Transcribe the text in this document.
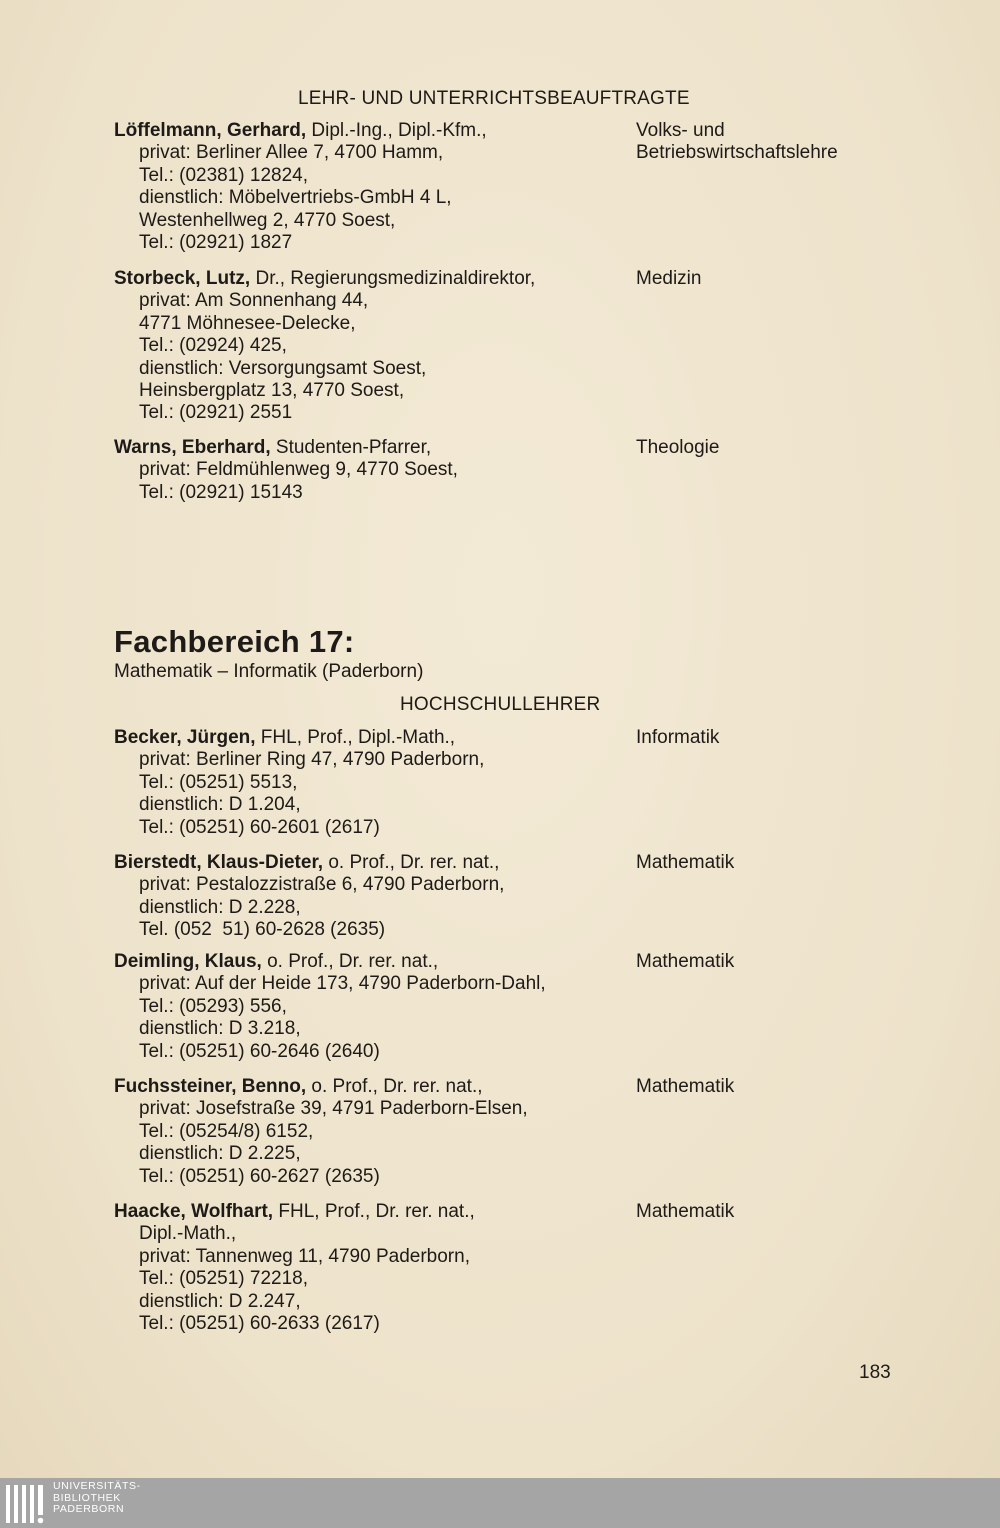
LEHR- UND UNTERRICHTSBEAUFTRAGTE
Löffelmann, Gerhard, Dipl.-Ing., Dipl.-Kfm.,
privat: Berliner Allee 7, 4700 Hamm,
Tel.: (02381) 12824,
dienstlich: Möbelvertriebs-GmbH 4 L,
Westenhellweg 2, 4770 Soest,
Tel.: (02921) 1827
Volks- und
Betriebswirtschaftslehre
Storbeck, Lutz, Dr., Regierungsmedizinaldirektor,
privat: Am Sonnenhang 44,
4771 Möhnesee-Delecke,
Tel.: (02924) 425,
dienstlich: Versorgungsamt Soest,
Heinsbergplatz 13, 4770 Soest,
Tel.: (02921) 2551
Medizin
Warns, Eberhard, Studenten-Pfarrer,
privat: Feldmühlenweg 9, 4770 Soest,
Tel.: (02921) 15143
Theologie
Fachbereich 17:
Mathematik – Informatik (Paderborn)
HOCHSCHULLEHRER
Becker, Jürgen, FHL, Prof., Dipl.-Math.,
privat: Berliner Ring 47, 4790 Paderborn,
Tel.: (05251) 5513,
dienstlich: D 1.204,
Tel.: (05251) 60-2601 (2617)
Informatik
Bierstedt, Klaus-Dieter, o. Prof., Dr. rer. nat.,
privat: Pestalozzistraße 6, 4790 Paderborn,
dienstlich: D 2.228,
Tel. (052  51) 60-2628 (2635)
Mathematik
Deimling, Klaus, o. Prof., Dr. rer. nat.,
privat: Auf der Heide 173, 4790 Paderborn-Dahl,
Tel.: (05293) 556,
dienstlich: D 3.218,
Tel.: (05251) 60-2646 (2640)
Mathematik
Fuchssteiner, Benno, o. Prof., Dr. rer. nat.,
privat: Josefstraße 39, 4791 Paderborn-Elsen,
Tel.: (05254/8) 6152,
dienstlich: D 2.225,
Tel.: (05251) 60-2627 (2635)
Mathematik
Haacke, Wolfhart, FHL, Prof., Dr. rer. nat.,
Dipl.-Math.,
privat: Tannenweg 11, 4790 Paderborn,
Tel.: (05251) 72218,
dienstlich: D 2.247,
Tel.: (05251) 60-2633 (2617)
Mathematik
183
UNIVERSITÄTS-
BIBLIOTHEK
PADERBORN
